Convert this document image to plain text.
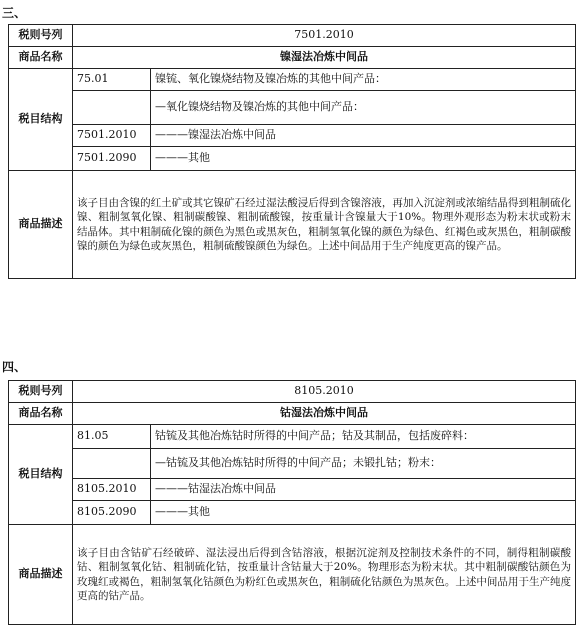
三、
税则号列	7501.2010	
商品名称	镍湿法冶炼中间品	
税目结构	75.01	镍锍、氧化镍烧结物及镍冶炼的其他中间产品：
		—氧化镍烧结物及镍冶炼的其他中间产品：
	7501.2010	———镍湿法冶炼中间品
	7501.2090	———其他
商品描述	该子目由含镍的红土矿或其它镍矿石经过湿法酸浸后得到含镍溶液，再加入沉淀剂或浓缩结晶得到粗制硫化镍、粗制氢氧化镍、粗制碳酸镍、粗制硫酸镍，按重量计含镍量大于10%。物理外观形态为粉末状或粉末结晶体。其中粗制硫化镍的颜色为黑色或黑灰色，粗制氢氧化镍的颜色为绿色、红褐色或灰黑色，粗制碳酸镍的颜色为绿色或灰黑色，粗制硫酸镍颜色为绿色。上述中间品用于生产纯度更高的镍产品。	
四、
税则号列	8105.2010	
商品名称	钴湿法冶炼中间品	
税目结构	81.05	钴锍及其他冶炼钴时所得的中间产品；钴及其制品，包括废碎料：
		—钴锍及其他冶炼钴时所得的中间产品；未锻扎钴；粉末：
	8105.2010	———钴湿法冶炼中间品
	8105.2090	———其他
商品描述	该子目由含钴矿石经破碎、湿法浸出后得到含钴溶液，根据沉淀剂及控制技术条件的不同，制得粗制碳酸钴、粗制氢氧化钴、粗制硫化钴，按重量计含钴量大于20%。物理形态为粉末状。其中粗制碳酸钴颜色为玫瑰红或褐色，粗制氢氧化钴颜色为粉红色或黑灰色，粗制硫化钴颜色为黑灰色。上述中间品用于生产纯度更高的钴产品。	
